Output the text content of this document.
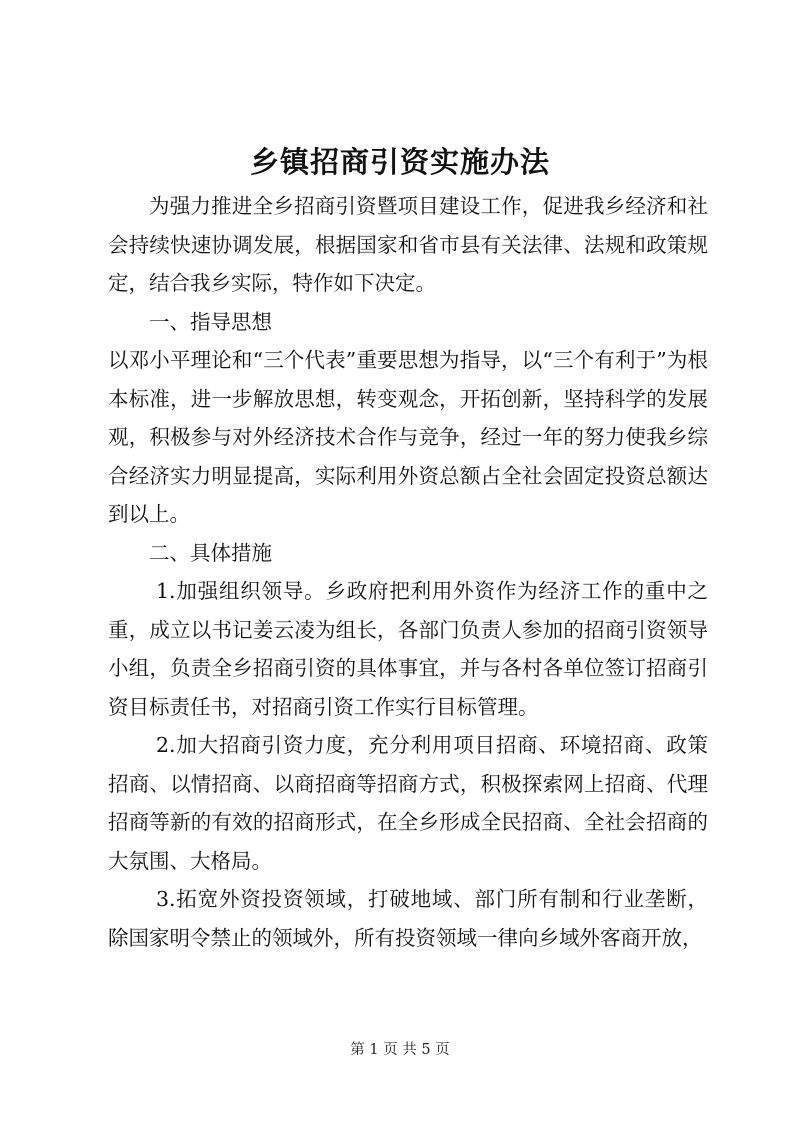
乡镇招商引资实施办法

为强力推进全乡招商引资暨项目建设工作，促进我乡经济和社会持续快速协调发展，根据国家和省市县有关法律、法规和政策规定，结合我乡实际，特作如下决定。

一、指导思想

以邓小平理论和“三个代表”重要思想为指导，以“三个有利于”为根本标准，进一步解放思想，转变观念，开拓创新，坚持科学的发展观，积极参与对外经济技术合作与竞争，经过一年的努力使我乡综合经济实力明显提高，实际利用外资总额占全社会固定投资总额达到以上。

二、具体措施

1.加强组织领导。乡政府把利用外资作为经济工作的重中之重，成立以书记姜云凌为组长，各部门负责人参加的招商引资领导小组，负责全乡招商引资的具体事宜，并与各村各单位签订招商引资目标责任书，对招商引资工作实行目标管理。

2.加大招商引资力度，充分利用项目招商、环境招商、政策招商、以情招商、以商招商等招商方式，积极探索网上招商、代理招商等新的有效的招商形式，在全乡形成全民招商、全社会招商的大氛围、大格局。

3.拓宽外资投资领域，打破地域、部门所有制和行业垄断，除国家明令禁止的领域外，所有投资领域一律向乡域外客商开放，

第 1 页 共 5 页
